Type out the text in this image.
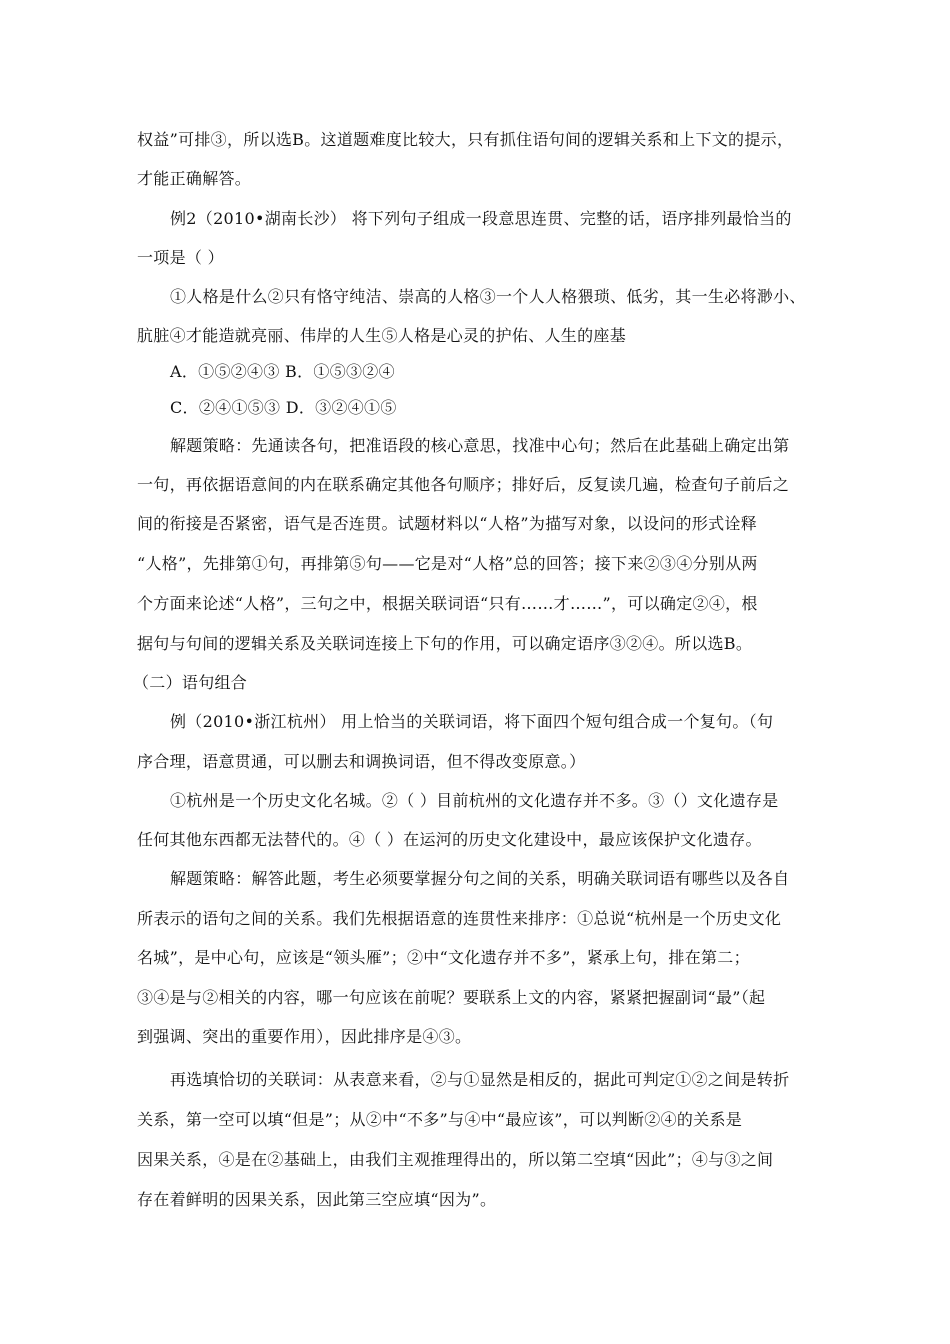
权益”可排③，所以选B。这道题难度比较大，只有抓住语句间的逻辑关系和上下文的提示，
才能正确解答。
例2（2010•湖南长沙） 将下列句子组成一段意思连贯、完整的话，语序排列最恰当的
一项是（ ）
①人格是什么②只有恪守纯洁、崇高的人格③一个人人格猥琐、低劣，其一生必将渺小、
肮脏④才能造就亮丽、伟岸的人生⑤人格是心灵的护佑、人生的座基
A．①⑤②④③ B．①⑤③②④
C．②④①⑤③ D．③②④①⑤
解题策略：先通读各句，把准语段的核心意思，找准中心句；然后在此基础上确定出第
一句，再依据语意间的内在联系确定其他各句顺序；排好后，反复读几遍，检查句子前后之
间的衔接是否紧密，语气是否连贯。试题材料以“人格”为描写对象，以设问的形式诠释
“人格”，先排第①句，再排第⑤句——它是对“人格”总的回答；接下来②③④分别从两
个方面来论述“人格”，三句之中，根据关联词语“只有……才……”，可以确定②④，根
据句与句间的逻辑关系及关联词连接上下句的作用，可以确定语序③②④。所以选B。
（二）语句组合
例（2010•浙江杭州） 用上恰当的关联词语，将下面四个短句组合成一个复句。（句
序合理，语意贯通，可以删去和调换词语，但不得改变原意。）
①杭州是一个历史文化名城。②（ ）目前杭州的文化遗存并不多。③（）文化遗存是
任何其他东西都无法替代的。④（ ）在运河的历史文化建设中，最应该保护文化遗存。
解题策略：解答此题，考生必须要掌握分句之间的关系，明确关联词语有哪些以及各自
所表示的语句之间的关系。我们先根据语意的连贯性来排序：①总说“杭州是一个历史文化
名城”，是中心句，应该是“领头雁”；②中“文化遗存并不多”，紧承上句，排在第二；
③④是与②相关的内容，哪一句应该在前呢？要联系上文的内容，紧紧把握副词“最”（起
到强调、突出的重要作用），因此排序是④③。
再选填恰切的关联词：从表意来看，②与①显然是相反的，据此可判定①②之间是转折
关系，第一空可以填“但是”；从②中“不多”与④中“最应该”，可以判断②④的关系是
因果关系，④是在②基础上，由我们主观推理得出的，所以第二空填“因此”；④与③之间
存在着鲜明的因果关系，因此第三空应填“因为”。
